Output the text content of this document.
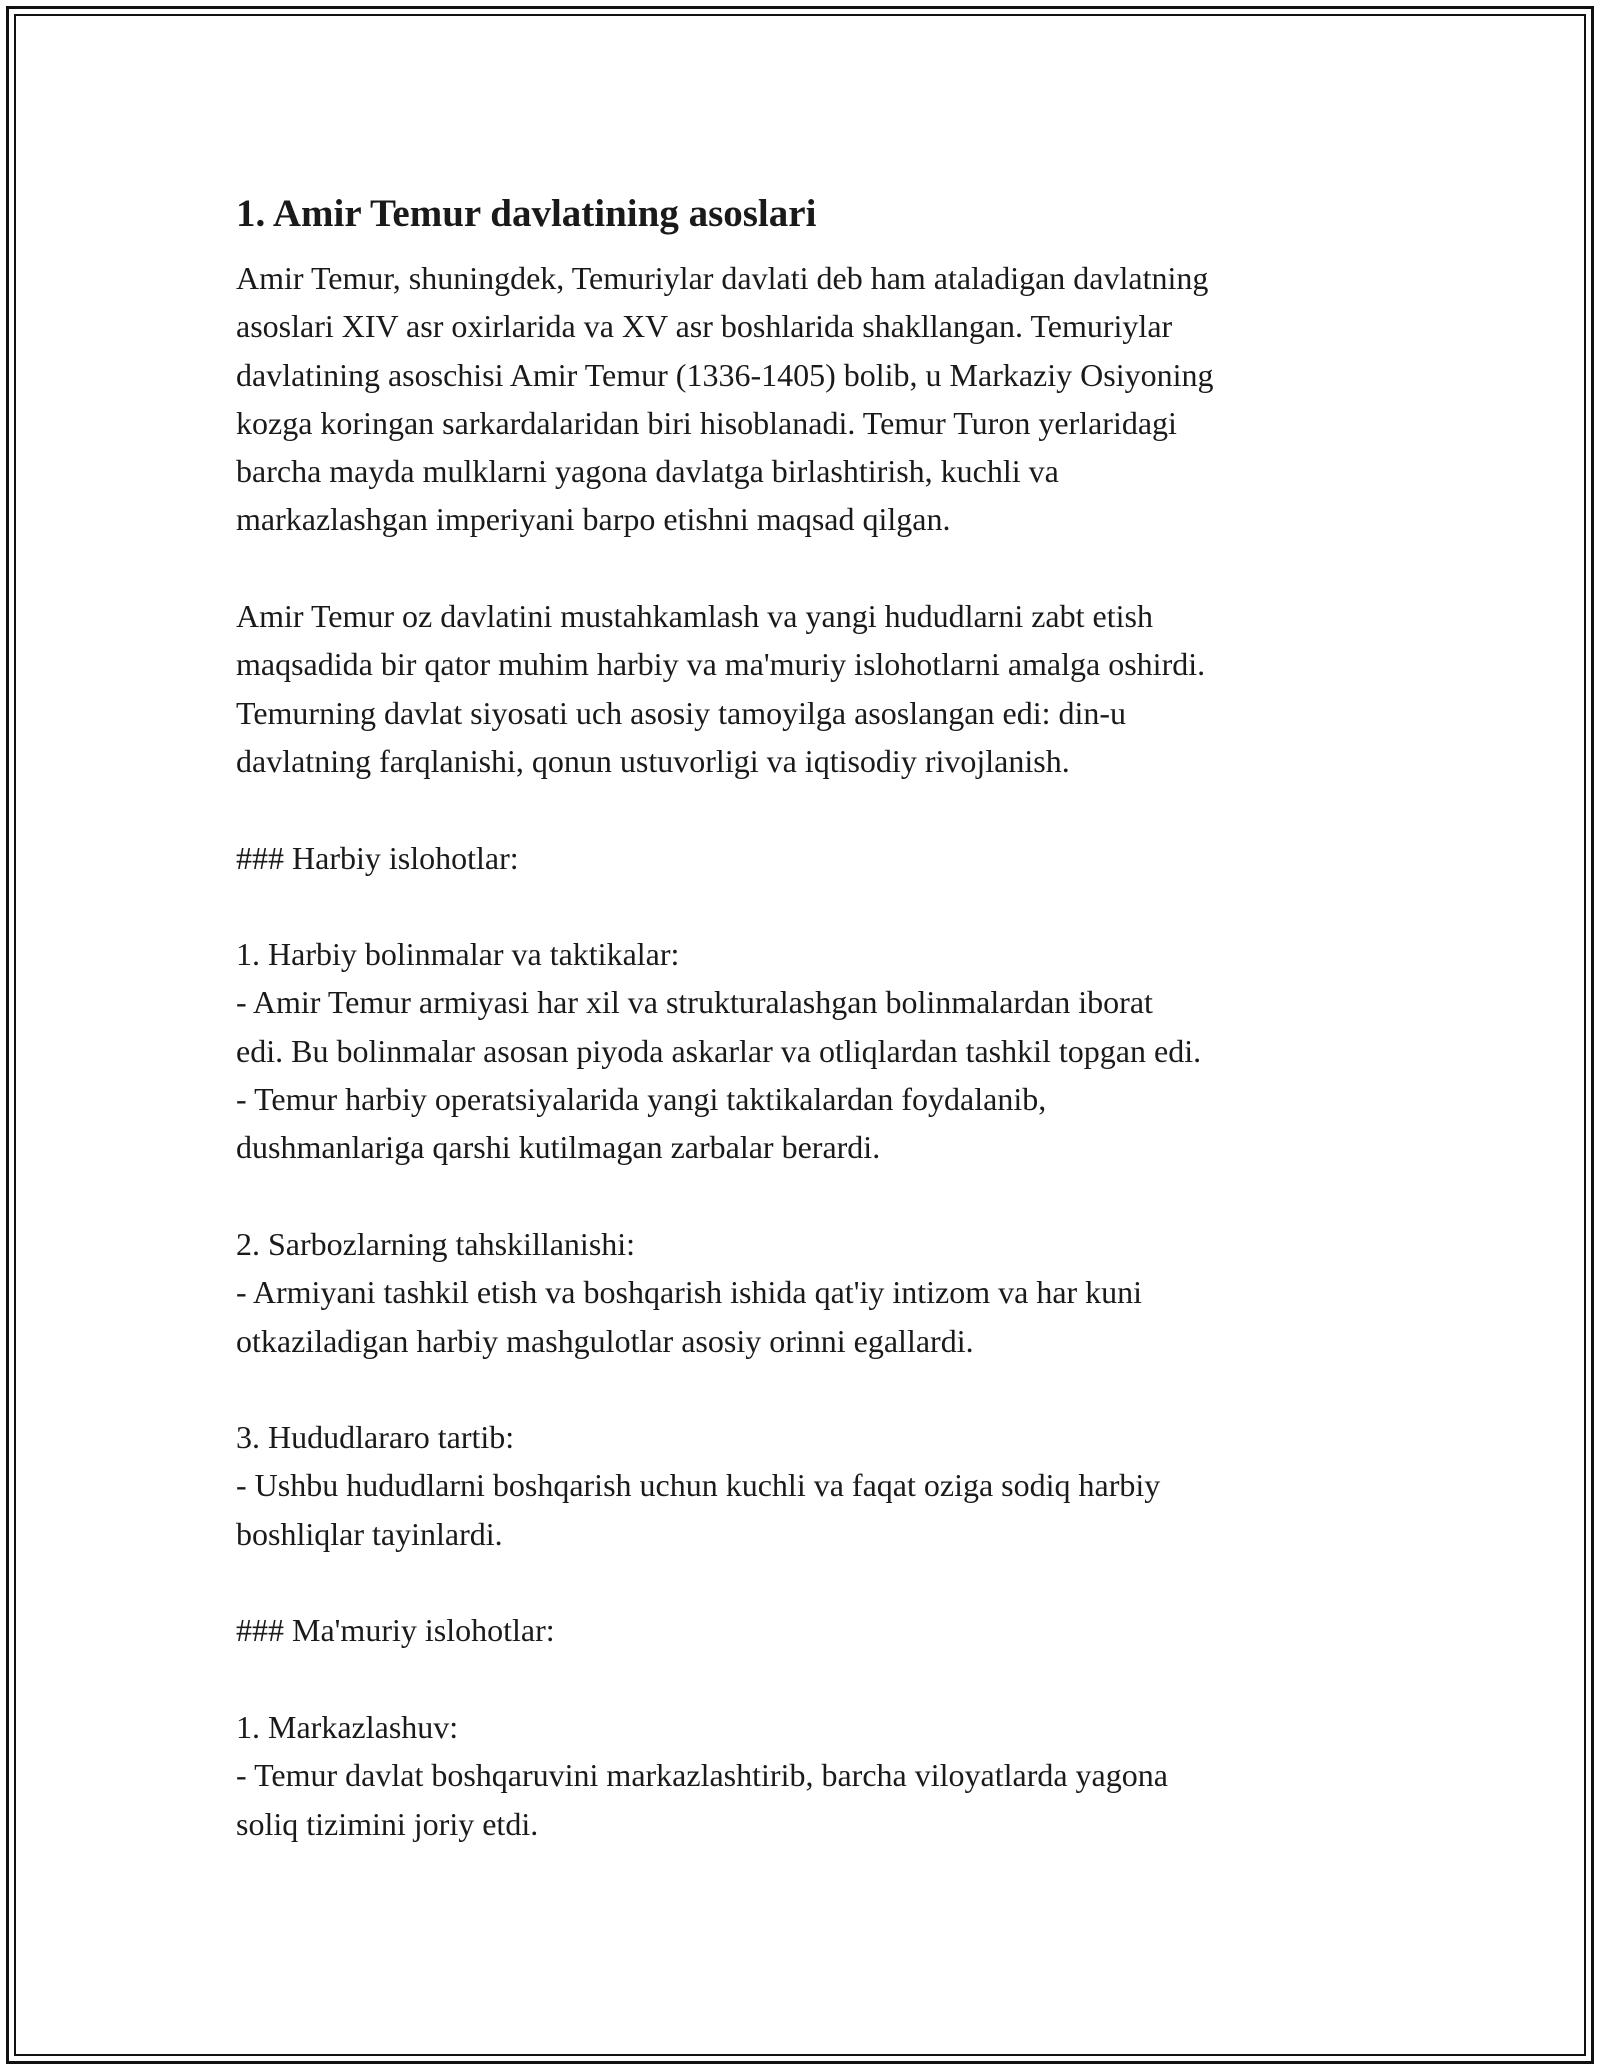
1. Amir Temur davlatining asoslari

Amir Temur, shuningdek, Temuriylar davlati deb ham ataladigan davlatning
asoslari XIV asr oxirlarida va XV asr boshlarida shakllangan. Temuriylar
davlatining asoschisi Amir Temur (1336-1405) bolib, u Markaziy Osiyoning
kozga koringan sarkardalaridan biri hisoblanadi. Temur Turon yerlaridagi
barcha mayda mulklarni yagona davlatga birlashtirish, kuchli va
markazlashgan imperiyani barpo etishni maqsad qilgan.

Amir Temur oz davlatini mustahkamlash va yangi hududlarni zabt etish
maqsadida bir qator muhim harbiy va ma'muriy islohotlarni amalga oshirdi.
Temurning davlat siyosati uch asosiy tamoyilga asoslangan edi: din-u
davlatning farqlanishi, qonun ustuvorligi va iqtisodiy rivojlanish.

### Harbiy islohotlar:

1. Harbiy bolinmalar va taktikalar:
- Amir Temur armiyasi har xil va strukturalashgan bolinmalardan iborat
edi. Bu bolinmalar asosan piyoda askarlar va otliqlardan tashkil topgan edi.
- Temur harbiy operatsiyalarida yangi taktikalardan foydalanib,
dushmanlariga qarshi kutilmagan zarbalar berardi.

2. Sarbozlarning tahskillanishi:
- Armiyani tashkil etish va boshqarish ishida qat'iy intizom va har kuni
otkaziladigan harbiy mashgulotlar asosiy orinni egallardi.

3. Hududlararo tartib:
- Ushbu hududlarni boshqarish uchun kuchli va faqat oziga sodiq harbiy
boshliqlar tayinlardi.

### Ma'muriy islohotlar:

1. Markazlashuv:
- Temur davlat boshqaruvini markazlashtirib, barcha viloyatlarda yagona
soliq tizimini joriy etdi.
